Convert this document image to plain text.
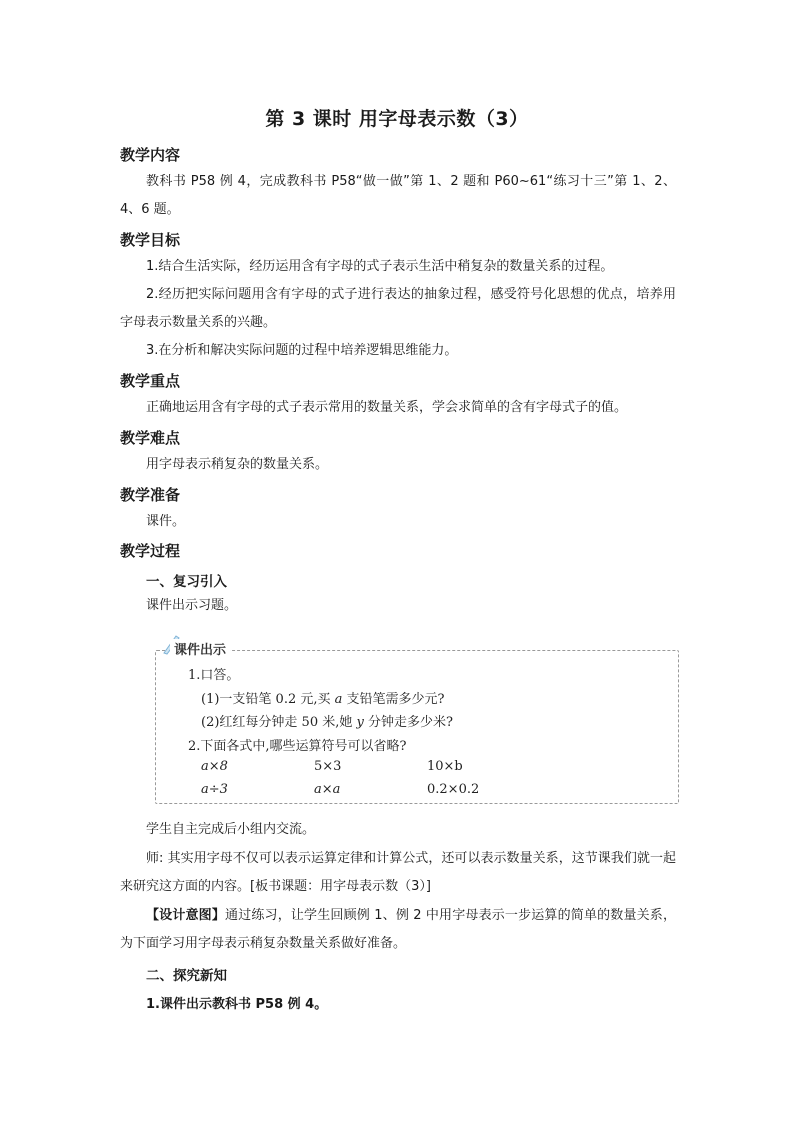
第 3 课时 用字母表示数（3）
教学内容
教科书 P58 例 4，完成教科书 P58“做一做”第 1、2 题和 P60~61“练习十三”第 1、2、4、6 题。
教学目标
1.结合生活实际，经历运用含有字母的式子表示生活中稍复杂的数量关系的过程。
2.经历把实际问题用含有字母的式子进行表达的抽象过程，感受符号化思想的优点，培养用字母表示数量关系的兴趣。
3.在分析和解决实际问题的过程中培养逻辑思维能力。
教学重点
正确地运用含有字母的式子表示常用的数量关系，学会求简单的含有字母式子的值。
教学难点
用字母表示稍复杂的数量关系。
教学准备
课件。
教学过程
一、复习引入
课件出示习题。
课件出示
1.口答。
(1)一支铅笔 0.2 元,买 a 支铅笔需多少元?
(2)红红每分钟走 50 米,她 y 分钟走多少米?
2.下面各式中,哪些运算符号可以省略?
a×8	5×3	10×b
a÷3	a×a	0.2×0.2
学生自主完成后小组内交流。
师: 其实用字母不仅可以表示运算定律和计算公式，还可以表示数量关系，这节课我们就一起来研究这方面的内容。[板书课题：用字母表示数（3）]
【设计意图】通过练习，让学生回顾例 1、例 2 中用字母表示一步运算的简单的数量关系，为下面学习用字母表示稍复杂数量关系做好准备。
二、探究新知
1.课件出示教科书 P58 例 4。
